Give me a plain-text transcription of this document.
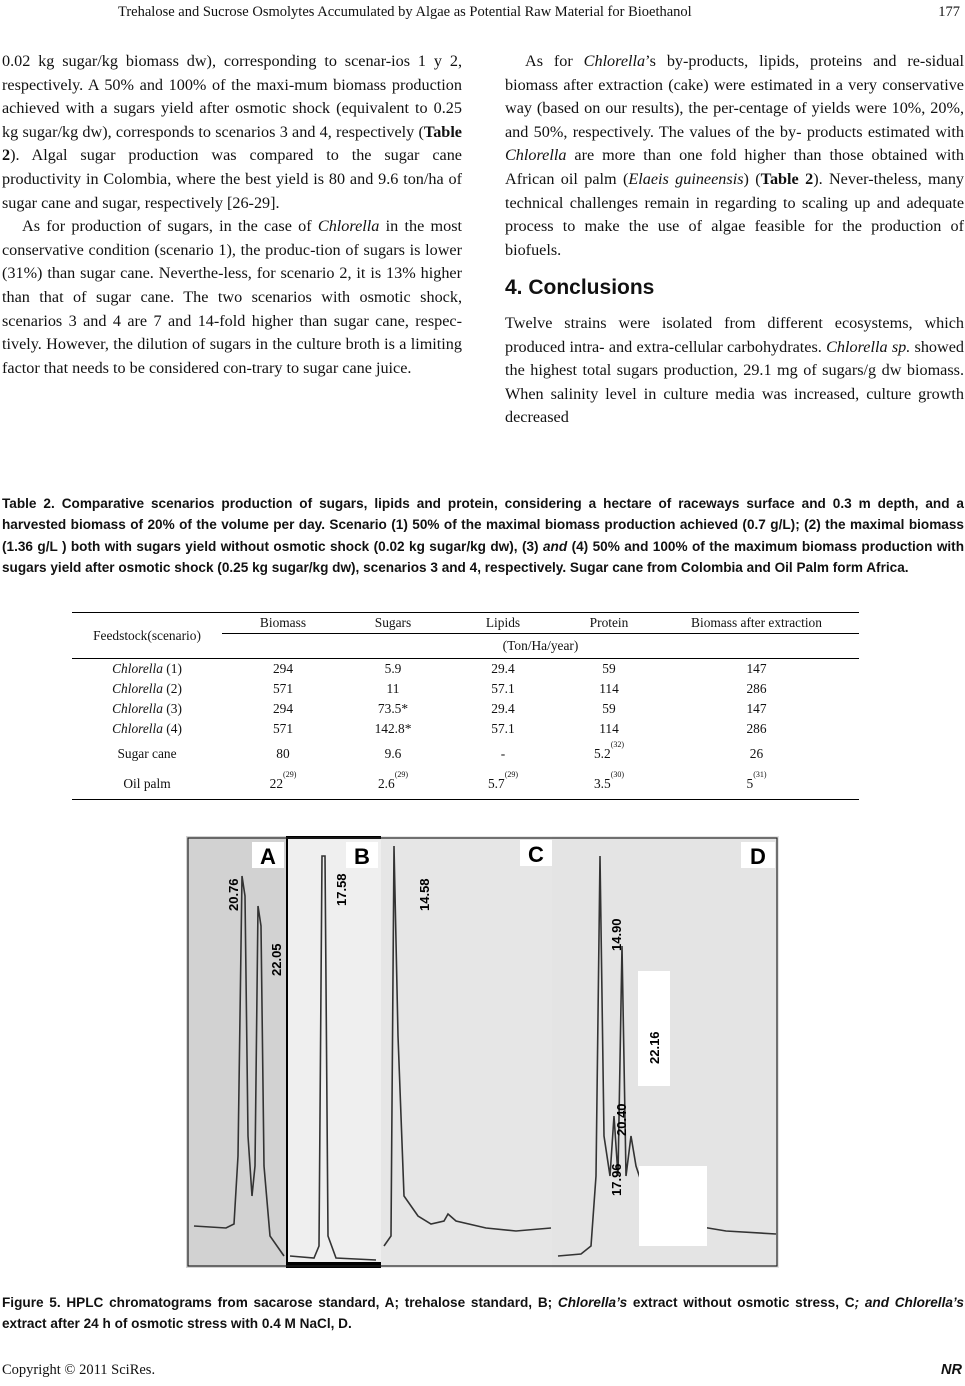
Trehalose and Sucrose Osmolytes Accumulated by Algae as Potential Raw Material for Bioethanol	177

0.02 kg sugar/kg biomass dw), corresponding to scenar-ios 1 y 2, respectively. A 50% and 100% of the maxi-mum biomass production achieved with a sugars yield after osmotic shock (equivalent to 0.25 kg sugar/kg dw), corresponds to scenarios 3 and 4, respectively (Table 2). Algal sugar production was compared to the sugar cane productivity in Colombia, where the best yield is 80 and 9.6 ton/ha of sugar cane and sugar, respectively [26-29].

As for production of sugars, in the case of Chlorella in the most conservative condition (scenario 1), the produc-tion of sugars is lower (31%) than sugar cane. Neverthe-less, for scenario 2, it is 13% higher than that of sugar cane. The two scenarios with osmotic shock, scenarios 3 and 4 are 7 and 14-fold higher than sugar cane, respec-tively. However, the dilution of sugars in the culture broth is a limiting factor that needs to be considered con-trary to sugar cane juice.

As for Chlorella’s by-products, lipids, proteins and re-sidual biomass after extraction (cake) were estimated in a very conservative way (based on our results), the per-centage of yields were 10%, 20%, and 50%, respectively. The values of the by- products estimated with Chlorella are more than one fold higher than those obtained with African oil palm (Elaeis guineensis) (Table 2). Never-theless, many technical challenges remain in regarding to scaling up and adequate process to make the use of algae feasible for the production of biofuels.

4. Conclusions

Twelve strains were isolated from different ecosystems, which produced intra- and extra-cellular carbohydrates. Chlorella sp. showed the highest total sugars production, 29.1 mg of sugars/g dw biomass. When salinity level in culture media was increased, culture growth decreased

Table 2. Comparative scenarios production of sugars, lipids and protein, considering a hectare of raceways surface and 0.3 m depth, and a harvested biomass of 20% of the volume per day. Scenario (1) 50% of the maximal biomass production achieved (0.7 g/L); (2) the maximal biomass (1.36 g/L ) both with sugars yield without osmotic shock (0.02 kg sugar/kg dw), (3) and (4) 50% and 100% of the maximum biomass production with sugars yield after osmotic shock (0.25 kg sugar/kg dw), scenarios 3 and 4, respectively. Sugar cane from Colombia and Oil Palm form Africa.
Feedstock(scenario)	Biomass	Sugars	Lipids	Protein	Biomass after extraction
	(Ton/Ha/year)				
Chlorella (1)	294	5.9	29.4	59	147
Chlorella (2)	571	11	57.1	114	286
Chlorella (3)	294	73.5*	29.4	59	147
Chlorella (4)	571	142.8*	57.1	114	286
Sugar cane	80	9.6	-	5.2$^{(32)}$	26
Oil palm	22$^{(29)}$	2.6$^{(29)}$	5.7$^{(29)}$	3.5$^{(30)}$	5$^{(31)}$
A	B	C	D
20.76
22.05
17.58	14.58
14.90
22.16
20.40
17.96
Figure 5. HPLC chromatograms from sacarose standard, A; trehalose standard, B; Chlorella’s extract without osmotic stress, C; and Chlorella’s extract after 24 h of osmotic stress with 0.4 M NaCl, D.
Copyright © 2011 SciRes.	NR
